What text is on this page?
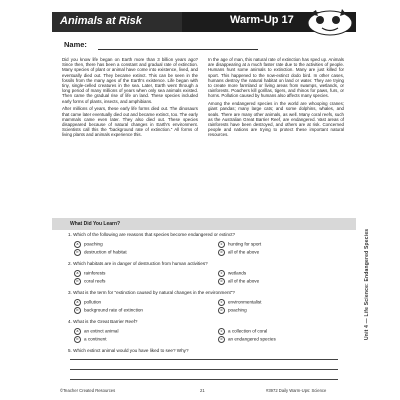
Animals at Risk	Warm-Up 17
Name:

Did you know life began on Earth more than 3 billion years ago? Since then, there has been a constant and gradual rate of extinction. Many species of plant or animal have come into existence, lived, and eventually died out. They became extinct. This can be seen in the fossils from the many ages of the Earth's existence. Life began with tiny, single-celled creatures in the sea. Later, Earth went through a long period of many millions of years when only sea animals existed. Then came the gradual rise of life on land. These species included early forms of plants, insects, and amphibians.

After millions of years, these early life forms died out. The dinosaurs that came later eventually died out and became extinct, too. The early mammals came even later. They also died out. These species disappeared because of natural changes in Earth's environment. Scientists call this the "background rate of extinction." All forms of living plants and animals experience this.

In the age of man, this natural rate of extinction has sped up. Animals are disappearing at a much faster rate due to the activities of people. Humans hunt some animals to extinction. Many are just killed for sport. This happened to the now-extinct dodo bird. In other cases, humans destroy the natural habitat on land or water. They are trying to create more farmland or living areas from swamps, wetlands, or rainforests. Poachers kill gorillas, tigers, and rhinos for paws, furs, or horns. Pollution caused by humans also affects many species.

Among the endangered species in the world are whooping cranes; giant pandas; many large cats; and some dolphins, whales, and seals. There are many other animals, as well. Many coral reefs, such as the Australian Great Barrier Reef, are endangered. Vast areas of rainforests have been destroyed, and others are at risk. Concerned people and nations are trying to protect these important natural resources.

What Did You Learn?
1. Which of the following are reasons that species become endangered or extinct?
a poaching	c hunting for sport
b destruction of habitat	d all of the above
2. Which habitats are in danger of destruction from human activities?
a rainforests	c wetlands
b coral reefs	d all of the above
3. What is the term for "extinction caused by natural changes in the environment"?
a pollution	c environmentalist
b background rate of extinction	d poaching
4. What is the Great Barrier Reef?
a an extinct animal	c a collection of coral
b a continent	d an endangered species
5. Which extinct animal would you have liked to see? Why?
©Teacher Created Resources	21	#3972 Daily Warm-Ups: Science
Unit 4 — Life Science: Endangered Species
